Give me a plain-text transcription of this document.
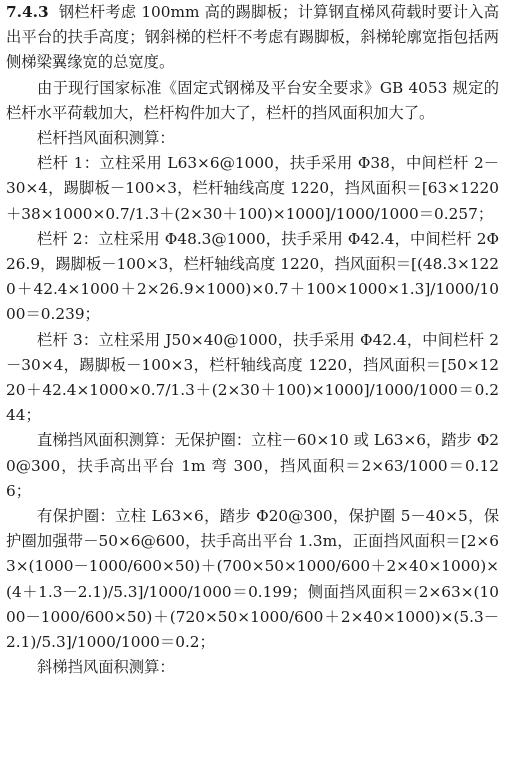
7.4.3  钢栏杆考虑 100mm 高的踢脚板；计算钢直梯风荷载时要计入高出平台的扶手高度；钢斜梯的栏杆不考虑有踢脚板，斜梯轮廓宽指包括两侧梯梁翼缘宽的总宽度。

由于现行国家标准《固定式钢梯及平台安全要求》GB 4053 规定的栏杆水平荷载加大，栏杆构件加大了，栏杆的挡风面积加大了。

栏杆挡风面积测算：

栏杆 1：立柱采用 L63×6@1000，扶手采用 Φ38，中间栏杆 2－30×4，踢脚板－100×3，栏杆轴线高度 1220，挡风面积＝[63×1220＋38×1000×0.7/1.3＋(2×30＋100)×1000]/1000/1000＝0.257；

栏杆 2：立柱采用 Φ48.3@1000，扶手采用 Φ42.4，中间栏杆 2Φ26.9，踢脚板－100×3，栏杆轴线高度 1220，挡风面积＝[(48.3×1220＋42.4×1000＋2×26.9×1000)×0.7＋100×1000×1.3]/1000/1000＝0.239；

栏杆 3：立柱采用 J50×40@1000，扶手采用 Φ42.4，中间栏杆 2－30×4，踢脚板－100×3，栏杆轴线高度 1220，挡风面积＝[50×1220＋42.4×1000×0.7/1.3＋(2×30＋100)×1000]/1000/1000＝0.244；

直梯挡风面积测算：无保护圈：立柱－60×10 或 L63×6，踏步 Φ20@300，扶手高出平台 1m 弯 300，挡风面积＝2×63/1000＝0.126；

有保护圈：立柱 L63×6，踏步 Φ20@300，保护圈 5－40×5，保护圈加强带－50×6@600，扶手高出平台 1.3m，正面挡风面积＝[2×63×(1000－1000/600×50)＋(700×50×1000/600＋2×40×1000)×(4＋1.3－2.1)/5.3]/1000/1000＝0.199；侧面挡风面积＝2×63×(1000－1000/600×50)＋(720×50×1000/600＋2×40×1000)×(5.3－2.1)/5.3]/1000/1000＝0.2；

斜梯挡风面积测算：
